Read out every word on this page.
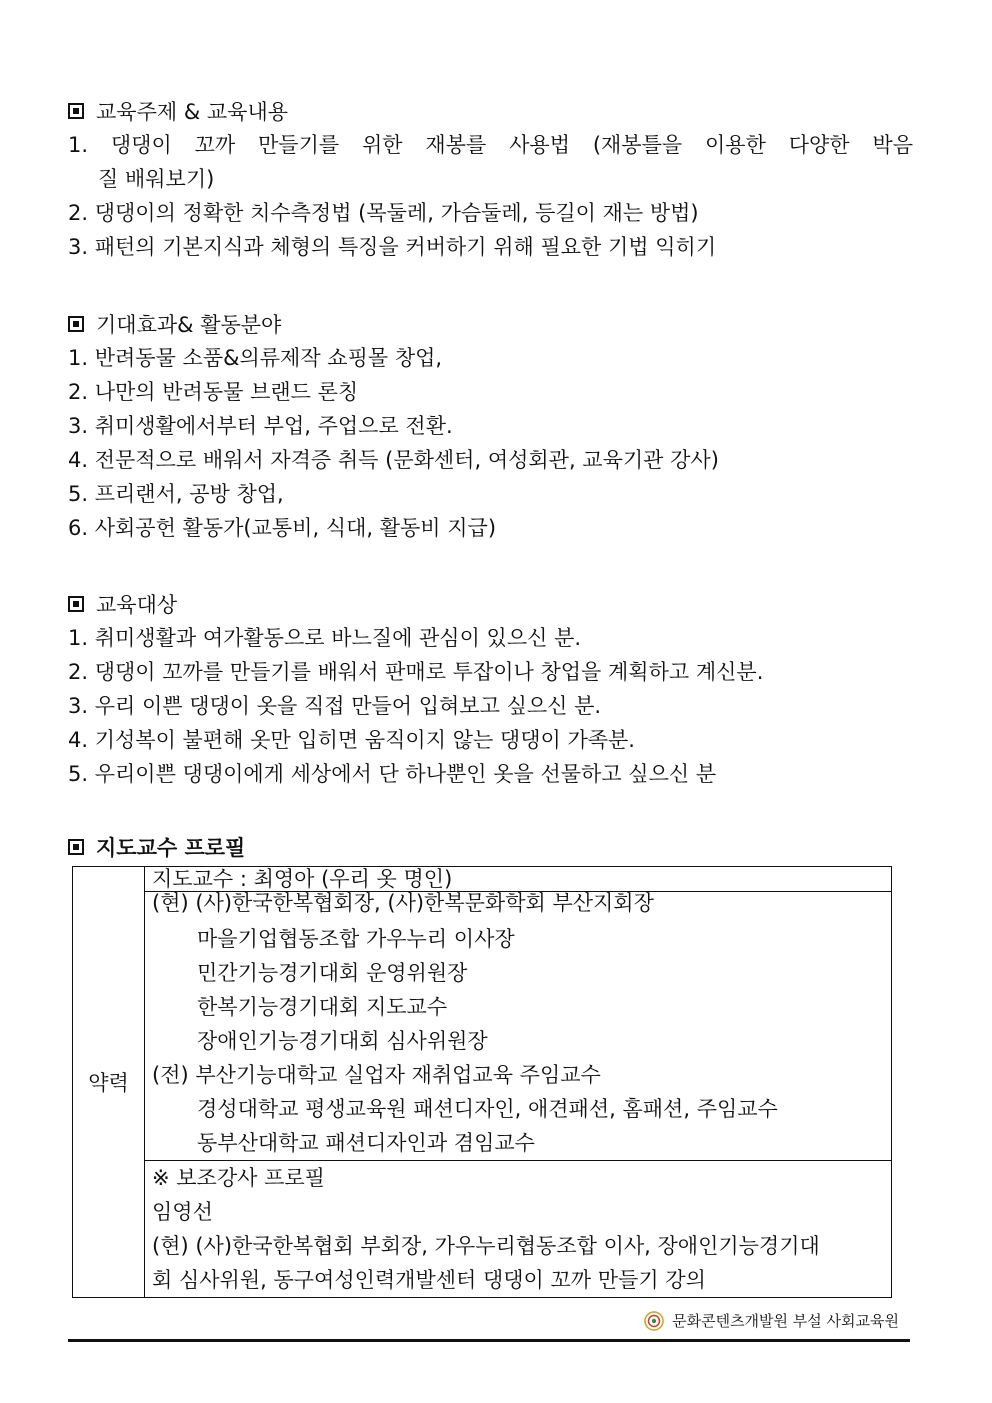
교육주제 & 교육내용
1. 댕댕이 꼬까 만들기를 위한 재봉를 사용법 (재봉틀을 이용한 다양한 박음
질 배워보기)
2. 댕댕이의 정확한 치수측정법 (목둘레, 가슴둘레, 등길이 재는 방법)
3. 패턴의 기본지식과 체형의 특징을 커버하기 위해 필요한 기법 익히기
기대효과& 활동분야
1. 반려동물 소품&의류제작 쇼핑몰 창업,
2. 나만의 반려동물 브랜드 론칭
3. 취미생활에서부터 부업, 주업으로 전환.
4. 전문적으로 배워서 자격증 취득 (문화센터, 여성회관, 교육기관 강사)
5. 프리랜서, 공방 창업,
6. 사회공헌 활동가(교통비, 식대, 활동비 지급)
교육대상
1. 취미생활과 여가활동으로 바느질에 관심이 있으신 분.
2. 댕댕이 꼬까를 만들기를 배워서 판매로 투잡이나 창업을 계획하고 계신분.
3. 우리 이쁜 댕댕이 옷을 직접 만들어 입혀보고 싶으신 분.
4. 기성복이 불편해 옷만 입히면 움직이지 않는 댕댕이 가족분.
5. 우리이쁜 댕댕이에게 세상에서 단 하나뿐인 옷을 선물하고 싶으신 분
지도교수 프로필
약력	
지도교수 : 최영아 (우리 옷 명인)

(현) (사)한국한복협회장, (사)한복문화학회 부산지회장
마을기업협동조합 가우누리 이사장
민간기능경기대회 운영위원장
한복기능경기대회 지도교수
장애인기능경기대회 심사위원장
(전) 부산기능대학교 실업자 재취업교육 주임교수
경성대학교 평생교육원 패션디자인, 애견패션, 홈패션, 주임교수
동부산대학교 패션디자인과 겸임교수

※ 보조강사 프로필
임영선
(현) (사)한국한복협회 부회장, 가우누리협동조합 이사, 장애인기능경기대
회 심사위원, 동구여성인력개발센터 댕댕이 꼬까 만들기 강의
문화콘텐츠개발원 부설 사회교육원
